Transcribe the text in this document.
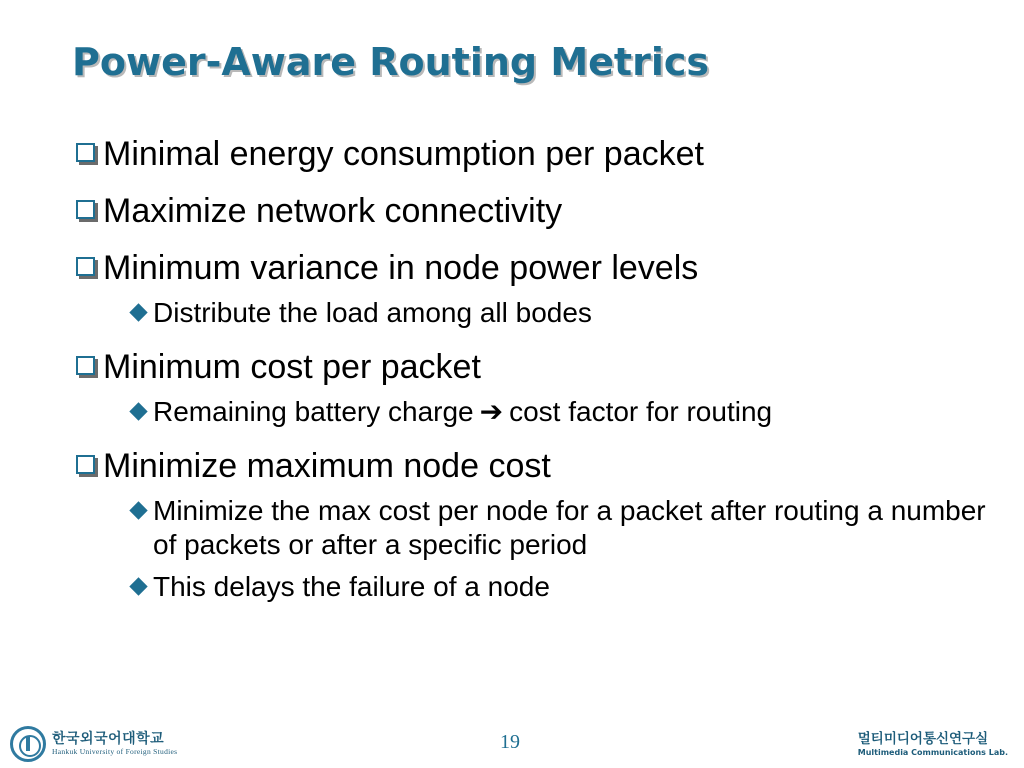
Power-Aware Routing Metrics
Minimal energy consumption per packet
Maximize network connectivity
Minimum variance in node power levels
Distribute the load among all bodes
Minimum cost per packet
Remaining battery charge ➔ cost factor for routing
Minimize maximum node cost
Minimize the max cost per node for a packet after routing a number of packets or after a specific period
This delays the failure of a node
한국외국어대학교
Hankuk University of Foreign Studies	19	멀티미디어통신연구실
Multimedia Communications Lab.
